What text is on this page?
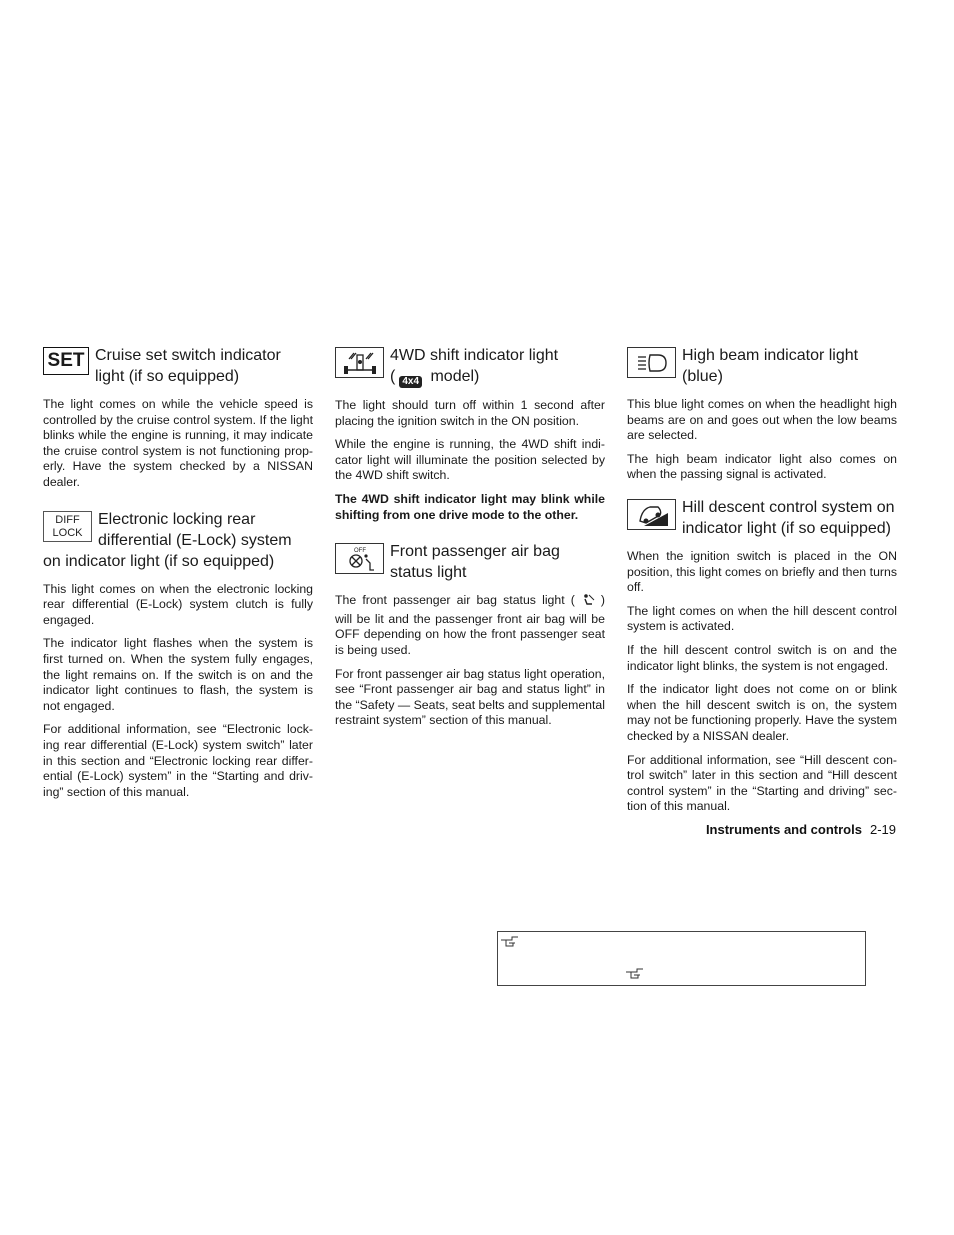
SET Cruise set switch indicator light (if so equipped)

The light comes on while the vehicle speed is controlled by the cruise control system. If the light blinks while the engine is running, it may indicate the cruise control system is not functioning prop-erly. Have the system checked by a NISSAN dealer.

DIFF
LOCK
Electronic locking rear differential (E-Lock) system on indicator light (if so equipped)

This light comes on when the electronic locking rear differential (E-Lock) system clutch is fully engaged.

The indicator light flashes when the system is first turned on. When the system fully engages, the light remains on. If the switch is on and the indicator light continues to flash, the system is not engaged.

For additional information, see “Electronic lock-ing rear differential (E-Lock) system switch” later in this section and “Electronic locking rear differ-ential (E-Lock) system” in the “Starting and driv-ing” section of this manual.

4WD shift indicator light
( 4x4 model)

The light should turn off within 1 second after placing the ignition switch in the ON position.

While the engine is running, the 4WD shift indi-cator light will illuminate the position selected by the 4WD shift switch.

The 4WD shift indicator light may blink while shifting from one drive mode to the other.

OFF	Front passenger air bag status light

The front passenger air bag status light ( ) will be lit and the passenger front air bag will be OFF depending on how the front passenger seat is being used.

For front passenger air bag status light operation, see “Front passenger air bag and status light” in the “Safety — Seats, seat belts and supplemental restraint system” section of this manual.

High beam indicator light (blue)

This blue light comes on when the headlight high beams are on and goes out when the low beams are selected.

The high beam indicator light also comes on when the passing signal is activated.

Hill descent control system on indicator light (if so equipped)

When the ignition switch is placed in the ON position, this light comes on briefly and then turns off.

The light comes on when the hill descent control system is activated.

If the hill descent control switch is on and the indicator light blinks, the system is not engaged.

If the indicator light does not come on or blink when the hill descent switch is on, the system may not be functioning properly. Have the system checked by a NISSAN dealer.

For additional information, see “Hill descent con-trol switch” later in this section and “Hill descent control system” in the “Starting and driving” sec-tion of this manual.

Instruments and controls 2-19
